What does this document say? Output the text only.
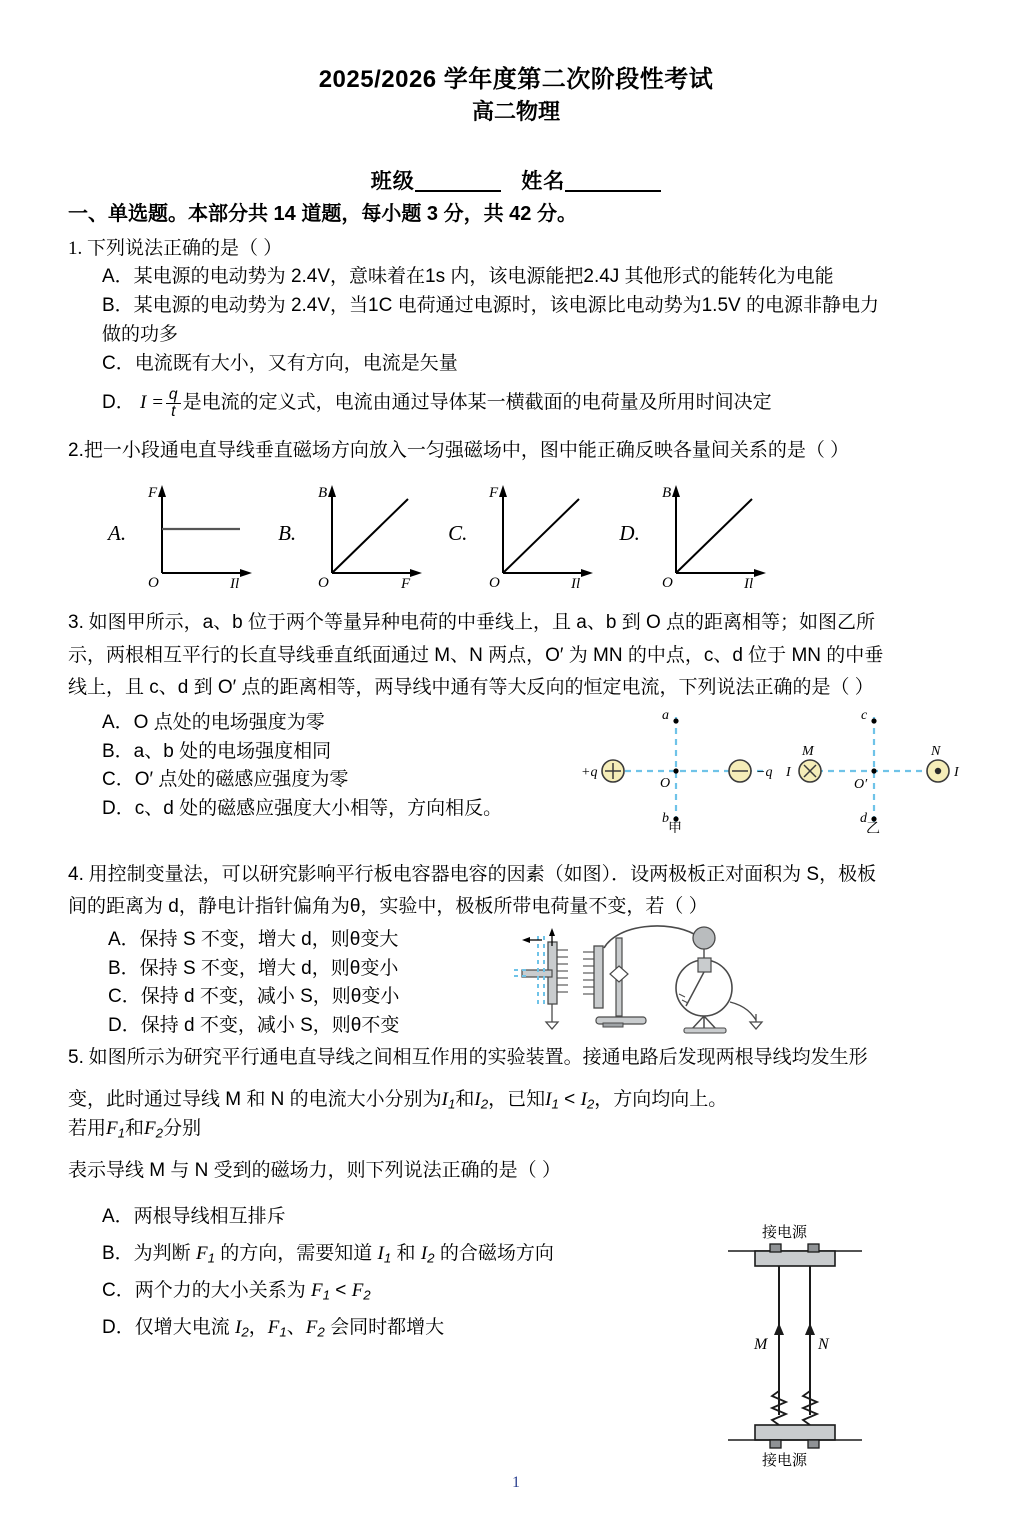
2025/2026 学年度第二次阶段性考试
高二物理
班级	姓名
一、单选题。本部分共 14 道题，每小题 3 分，共 42 分。
1. 下列说法正确的是（ ）
A．某电源的电动势为 2.4V，意味着在1s 内，该电源能把2.4J 其他形式的能转化为电能
B．某电源的电动势为 2.4V，当1C 电荷通过电源时，该电源比电动势为1.5V 的电源非静电力
做的功多
C．电流既有大小，又有方向，电流是矢量
D． $I = \frac{q}{t}$ 是电流的定义式，电流由通过导体某一横截面的电荷量及所用时间决定
2.把一小段通电直导线垂直磁场方向放入一匀强磁场中，图中能正确反映各量间关系的是（ ）
A.
F
O	Il
B.
B
O	F
C.
F
O	Il
D.
B
O	Il
3. 如图甲所示，a、b 位于两个等量异种电荷的中垂线上，且 a、b 到 O 点的距离相等；如图乙所
示，两根相互平行的长直导线垂直纸面通过 M、N 两点，O′ 为 MN 的中点，c、d 位于 MN 的中垂
线上，且 c、d 到 O′ 点的距离相等，两导线中通有等大反向的恒定电流，下列说法正确的是（ ）
A．O 点处的电场强度为零
B．a、b 处的电场强度相同
C．O′ 点处的磁感应强度为零
D．c、d 处的磁感应强度大小相等，方向相反。
+q	−q
a
O
b
甲
M	N
I	I
c
O′
d
乙
4. 用控制变量法，可以研究影响平行板电容器电容的因素（如图）．设两极板正对面积为 S，极板
间的距离为 d，静电计指针偏角为θ，实验中，极板所带电荷量不变，若（ ）
A．保持 S 不变，增大 d，则θ变大
B．保持 S 不变，增大 d，则θ变小
C．保持 d 不变，减小 S，则θ变小
D．保持 d 不变，减小 S，则θ不变
5. 如图所示为研究平行通电直导线之间相互作用的实验装置。接通电路后发现两根导线均发生形
变，此时通过导线 M 和 N 的电流大小分别为$I_1$和$I_2$，已知$I_1 < I_2$，方向均向上。若用$F_1$和$F_2$分别
表示导线 M 与 N 受到的磁场力，则下列说法正确的是（ ）
A．两根导线相互排斥
B．为判断 $F_1$ 的方向，需要知道 $I_1$ 和 $I_2$ 的合磁场方向
C．两个力的大小关系为 $F_1 < F_2$
D．仅增大电流 $I_2$，$F_1$、$F_2$ 会同时都增大
接电源
M	N
接电源
1
